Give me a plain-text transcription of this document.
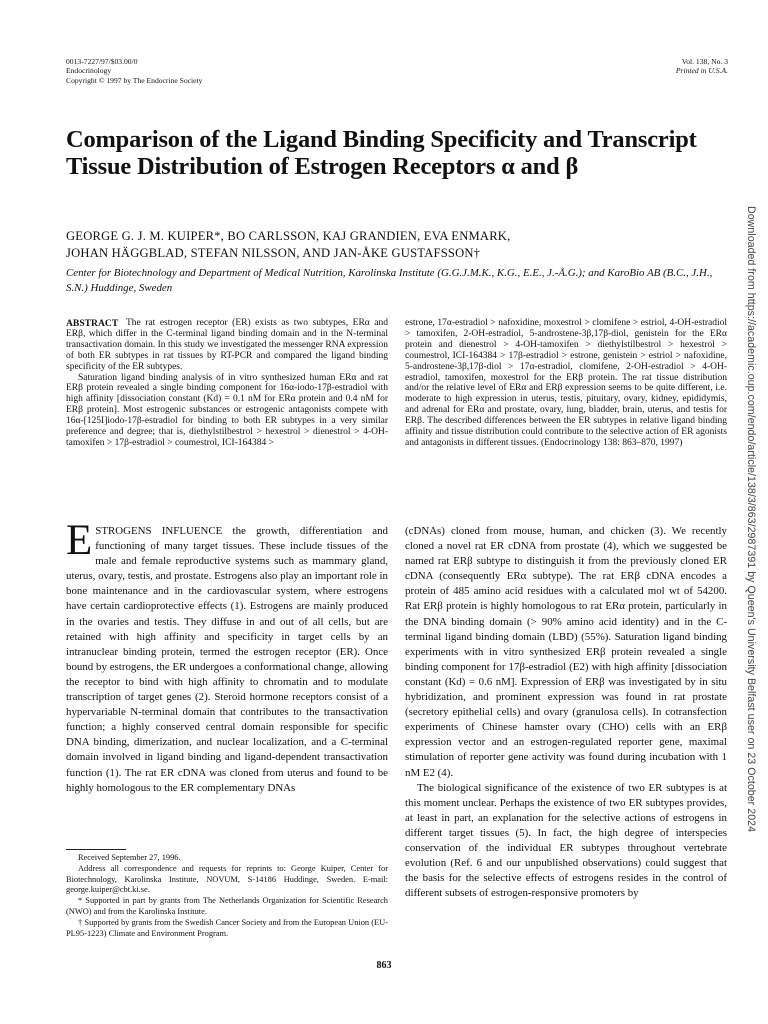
0013-7227/97/$03.00/0
Endocrinology
Copyright © 1997 by The Endocrine Society
Vol. 138, No. 3
Printed in U.S.A.
Comparison of the Ligand Binding Specificity and Transcript Tissue Distribution of Estrogen Receptors α and β
GEORGE G. J. M. KUIPER*, BO CARLSSON, KAJ GRANDIEN, EVA ENMARK,
JOHAN HÄGGBLAD, STEFAN NILSSON, AND JAN-ÅKE GUSTAFSSON†
Center for Biotechnology and Department of Medical Nutrition, Karolinska Institute (G.G.J.M.K., K.G., E.E., J.-Å.G.); and KaroBio AB (B.C., J.H., S.N.) Huddinge, Sweden
ABSTRACT The rat estrogen receptor (ER) exists as two subtypes, ERα and ERβ, which differ in the C-terminal ligand binding domain and in the N-terminal transactivation domain. In this study we investigated the messenger RNA expression of both ER subtypes in rat tissues by RT-PCR and compared the ligand binding specificity of the ER subtypes.

Saturation ligand binding analysis of in vitro synthesized human ERα and rat ERβ protein revealed a single binding component for 16α-iodo-17β-estradiol with high affinity [dissociation constant (Kd) = 0.1 nM for ERα protein and 0.4 nM for ERβ protein]. Most estrogenic substances or estrogenic antagonists compete with 16α-[125I]iodo-17β-estradiol for binding to both ER subtypes in a very similar preference and degree; that is, diethylstilbestrol > hexestrol > dienestrol > 4-OH-tamoxifen > 17β-estradiol > coumestrol, ICI-164384 >

estrone, 17α-estradiol > nafoxidine, moxestrol > clomifene > estriol, 4-OH-estradiol > tamoxifen, 2-OH-estradiol, 5-androstene-3β,17β-diol, genistein for the ERα protein and dienestrol > 4-OH-tamoxifen > diethylstilbestrol > hexestrol > coumestrol, ICI-164384 > 17β-estradiol > estrone, genistein > estriol > nafoxidine, 5-androstene-3β,17β-diol > 17α-estradiol, clomifene, 2-OH-estradiol > 4-OH-estradiol, tamoxifen, moxestrol for the ERβ protein. The rat tissue distribution and/or the relative level of ERα and ERβ expression seems to be quite different, i.e. moderate to high expression in uterus, testis, pituitary, ovary, kidney, epididymis, and adrenal for ERα and prostate, ovary, lung, bladder, brain, uterus, and testis for ERβ. The described differences between the ER subtypes in relative ligand binding affinity and tissue distribution could contribute to the selective action of ER agonists and antagonists in different tissues. (Endocrinology 138: 863–870, 1997)

ESTROGENS INFLUENCE the growth, differentiation and functioning of many target tissues. These include tissues of the male and female reproductive systems such as mammary gland, uterus, ovary, testis, and prostate. Estrogens also play an important role in bone maintenance and in the cardiovascular system, where estrogens have certain cardioprotective effects (1). Estrogens are mainly produced in the ovaries and testis. They diffuse in and out of all cells, but are retained with high affinity and specificity in target cells by an intranuclear binding protein, termed the estrogen receptor (ER). Once bound by estrogens, the ER undergoes a conformational change, allowing the receptor to bind with high affinity to chromatin and to modulate transcription of target genes (2). Steroid hormone receptors consist of a hypervariable N-terminal domain that contributes to the transactivation function; a highly conserved central domain responsible for specific DNA binding, dimerization, and nuclear localization, and a C-terminal domain involved in ligand binding and ligand-dependent transactivation function (1). The rat ER cDNA was cloned from uterus and found to be highly homologous to the ER complementary DNAs

(cDNAs) cloned from mouse, human, and chicken (3). We recently cloned a novel rat ER cDNA from prostate (4), which we suggested be named rat ERβ subtype to distinguish it from the previously cloned ER cDNA (consequently ERα subtype). The rat ERβ cDNA encodes a protein of 485 amino acid residues with a calculated mol wt of 54200. Rat ERβ protein is highly homologous to rat ERα protein, particularly in the DNA binding domain (> 90% amino acid identity) and in the C-terminal ligand binding domain (LBD) (55%). Saturation ligand binding experiments with in vitro synthesized ERβ protein revealed a single binding component for 17β-estradiol (E2) with high affinity [dissociation constant (Kd) = 0.6 nM]. Expression of ERβ was investigated by in situ hybridization, and prominent expression was found in rat prostate (secretory epithelial cells) and ovary (granulosa cells). In cotransfection experiments of Chinese hamster ovary (CHO) cells with an ERβ expression vector and an estrogen-regulated reporter gene, maximal stimulation of reporter gene activity was found during incubation with 1 nM E2 (4).

The biological significance of the existence of two ER subtypes is at this moment unclear. Perhaps the existence of two ER subtypes provides, at least in part, an explanation for the selective actions of estrogens in different target tissues (5). In fact, the high degree of interspecies conservation of the individual ER subtypes throughout vertebrate evolution (Ref. 6 and our unpublished observations) could suggest that the basis for the selective effects of estrogens resides in the control of different subsets of estrogen-responsive promoters by

Received September 27, 1996.

Address all correspondence and requests for reprints to: George Kuiper, Center for Biotechnology, Karolinska Institute, NOVUM, S-14186 Huddinge, Sweden. E-mail: george.kuiper@cbt.ki.se.

* Supported in part by grants from The Netherlands Organization for Scientific Research (NWO) and from the Karolinska Institute.

† Supported by grants from the Swedish Cancer Society and from the European Union (EU-PL95-1223) Climate and Environment Program.

863
Downloaded from https://academic.oup.com/endo/article/138/3/863/2987391 by Queen's University Belfast user on 23 October 2024
